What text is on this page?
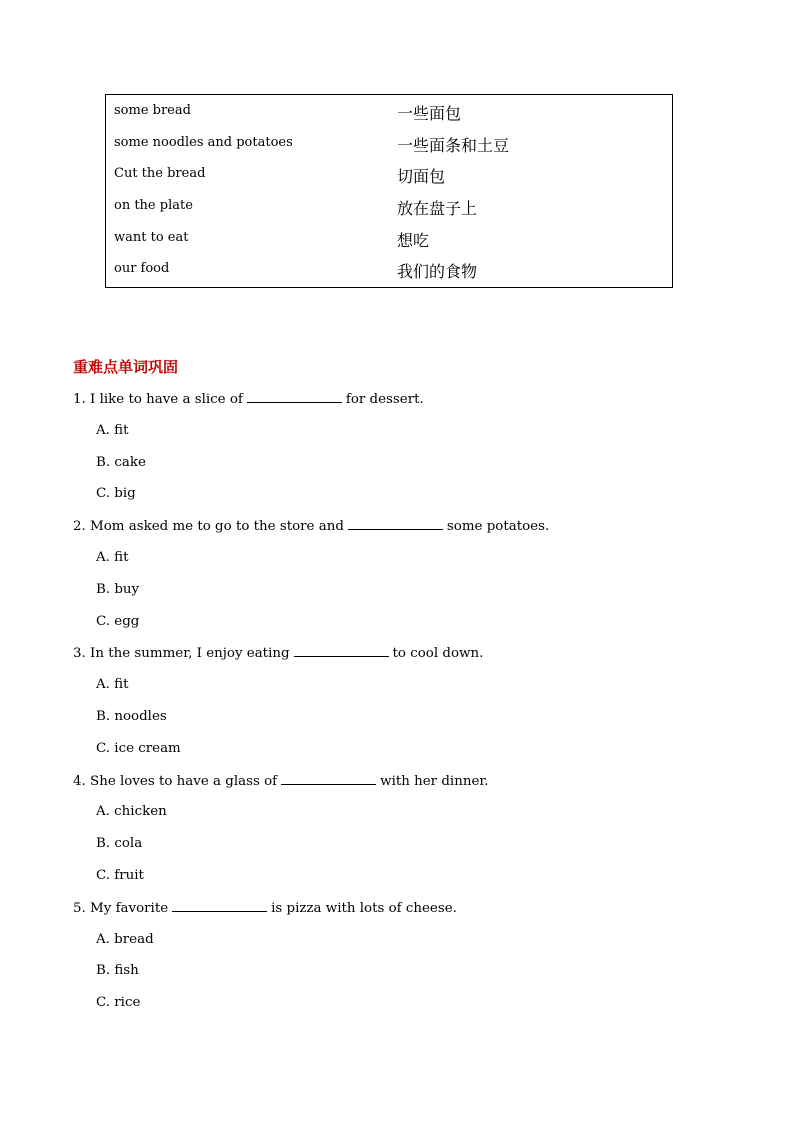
some bread	一些面包
some noodles and potatoes	一些面条和土豆
Cut the bread	切面包
on the plate	放在盘子上
want to eat	想吃
our food	我们的食物
重难点单词巩固
1. I like to have a slice of	for dessert.
A. fit
B. cake
C. big
2. Mom asked me to go to the store and	some potatoes.
A. fit
B. buy
C. egg
3. In the summer, I enjoy eating	to cool down.
A. fit
B. noodles
C. ice cream
4. She loves to have a glass of	with her dinner.
A. chicken
B. cola
C. fruit
5. My favorite	is pizza with lots of cheese.
A. bread
B. fish
C. rice
